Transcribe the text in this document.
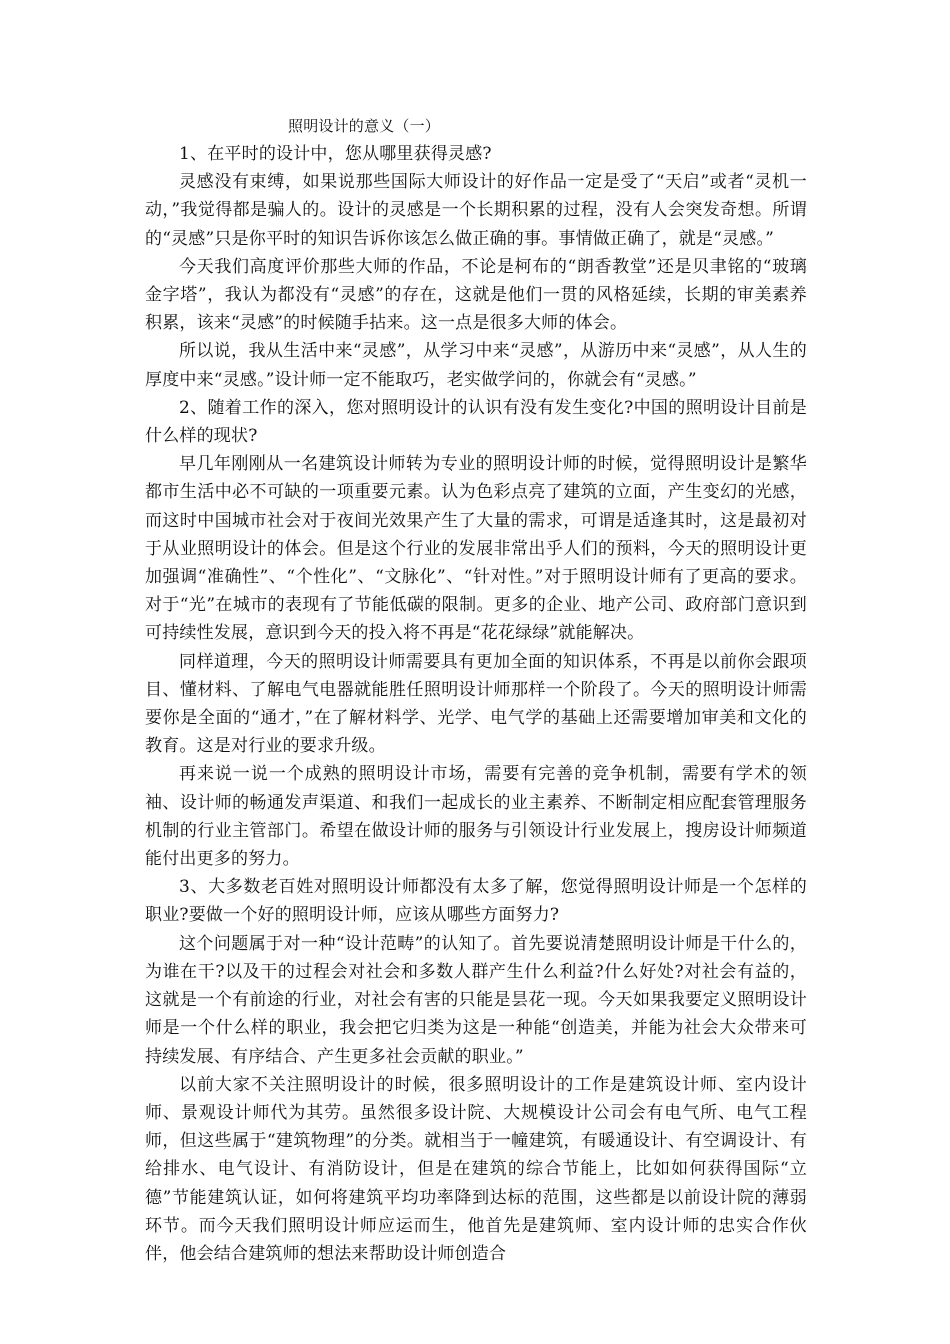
照明设计的意义（一）

1、在平时的设计中，您从哪里获得灵感?

灵感没有束缚，如果说那些国际大师设计的好作品一定是受了“天启”或者“灵机一动，”我觉得都是骗人的。设计的灵感是一个长期积累的过程，没有人会突发奇想。所谓的“灵感”只是你平时的知识告诉你该怎么做正确的事。事情做正确了，就是“灵感。”

今天我们高度评价那些大师的作品，不论是柯布的“朗香教堂”还是贝聿铭的“玻璃金字塔”，我认为都没有“灵感”的存在，这就是他们一贯的风格延续，长期的审美素养积累，该来“灵感”的时候随手拈来。这一点是很多大师的体会。

所以说，我从生活中来“灵感”，从学习中来“灵感”，从游历中来“灵感”，从人生的厚度中来“灵感。”设计师一定不能取巧，老实做学问的，你就会有“灵感。”

2、随着工作的深入，您对照明设计的认识有没有发生变化?中国的照明设计目前是什么样的现状?

早几年刚刚从一名建筑设计师转为专业的照明设计师的时候，觉得照明设计是繁华都市生活中必不可缺的一项重要元素。认为色彩点亮了建筑的立面，产生变幻的光感，而这时中国城市社会对于夜间光效果产生了大量的需求，可谓是适逢其时，这是最初对于从业照明设计的体会。但是这个行业的发展非常出乎人们的预料，今天的照明设计更加强调“准确性”、“个性化”、“文脉化”、“针对性。”对于照明设计师有了更高的要求。对于“光”在城市的表现有了节能低碳的限制。更多的企业、地产公司、政府部门意识到可持续性发展，意识到今天的投入将不再是“花花绿绿”就能解决。

同样道理，今天的照明设计师需要具有更加全面的知识体系，不再是以前你会跟项目、懂材料、了解电气电器就能胜任照明设计师那样一个阶段了。今天的照明设计师需要你是全面的“通才，”在了解材料学、光学、电气学的基础上还需要增加审美和文化的教育。这是对行业的要求升级。

再来说一说一个成熟的照明设计市场，需要有完善的竞争机制，需要有学术的领袖、设计师的畅通发声渠道、和我们一起成长的业主素养、不断制定相应配套管理服务机制的行业主管部门。希望在做设计师的服务与引领设计行业发展上，搜房设计师频道能付出更多的努力。

3、大多数老百姓对照明设计师都没有太多了解，您觉得照明设计师是一个怎样的职业?要做一个好的照明设计师，应该从哪些方面努力?

这个问题属于对一种“设计范畴”的认知了。首先要说清楚照明设计师是干什么的，为谁在干?以及干的过程会对社会和多数人群产生什么利益?什么好处?对社会有益的，这就是一个有前途的行业，对社会有害的只能是昙花一现。今天如果我要定义照明设计师是一个什么样的职业，我会把它归类为这是一种能“创造美，并能为社会大众带来可持续发展、有序结合、产生更多社会贡献的职业。”

以前大家不关注照明设计的时候，很多照明设计的工作是建筑设计师、室内设计师、景观设计师代为其劳。虽然很多设计院、大规模设计公司会有电气所、电气工程师，但这些属于“建筑物理”的分类。就相当于一幢建筑，有暖通设计、有空调设计、有给排水、电气设计、有消防设计，但是在建筑的综合节能上，比如如何获得国际“立德”节能建筑认证，如何将建筑平均功率降到达标的范围，这些都是以前设计院的薄弱环节。而今天我们照明设计师应运而生，他首先是建筑师、室内设计师的忠实合作伙伴，他会结合建筑师的想法来帮助设计师创造合
